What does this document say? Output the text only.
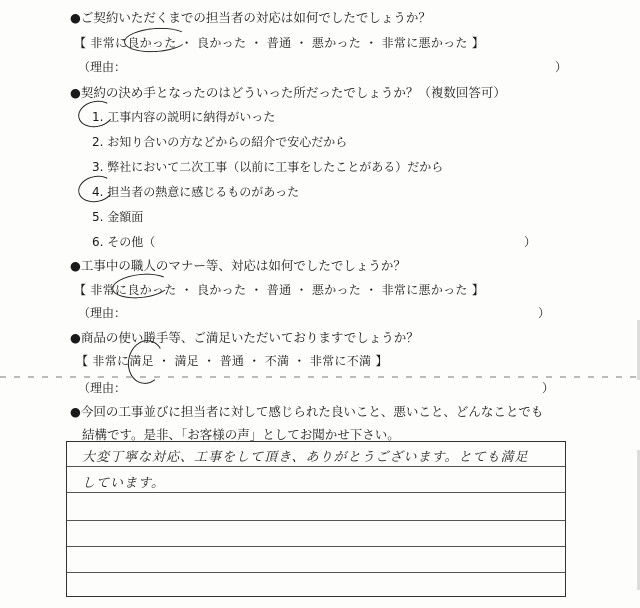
●ご契約いただくまでの担当者の対応は如何でしたでしょうか？
【 非常に良かった ・ 良かった ・ 普通 ・ 悪かった ・ 非常に悪かった 】
（理由：	）
●契約の決め手となったのはどういった所だったでしょうか？（複数回答可）
1. 工事内容の説明に納得がいった
2. お知り合いの方などからの紹介で安心だから
3. 弊社において二次工事（以前に工事をしたことがある）だから
4. 担当者の熱意に感じるものがあった
5. 金額面
6. その他（	）
●工事中の職人のマナー等、対応は如何でしたでしょうか？
【 非常に良かった ・ 良かった ・ 普通 ・ 悪かった ・ 非常に悪かった 】
（理由：	）
●商品の使い勝手等、ご満足いただいておりますでしょうか？
【 非常に満足 ・ 満足 ・ 普通 ・ 不満 ・ 非常に不満 】
（理由：	）
●今回の工事並びに担当者に対して感じられた良いこと、悪いこと、どんなことでも
結構です。是非、「お客様の声」としてお聞かせ下さい。
大変丁寧な対応、工事をして頂き、ありがとうございます。とても満足
しています。
